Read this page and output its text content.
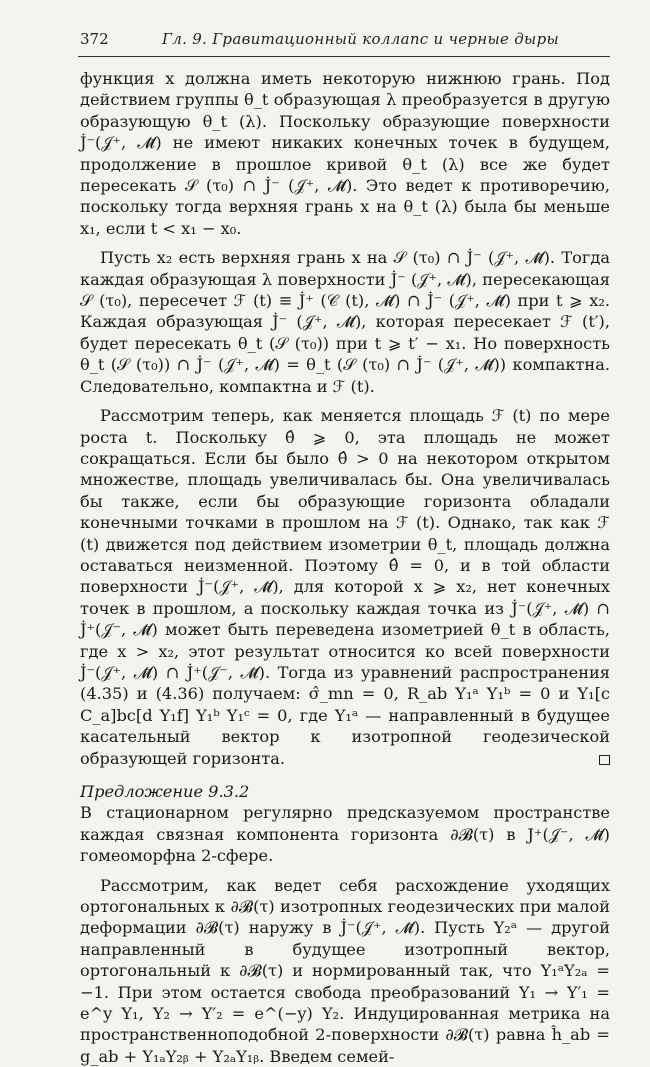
372	Гл. 9. Гравитационный коллапс и черные дыры

функция x должна иметь некоторую нижнюю грань. Под действием группы θ_t образующая λ преобразуется в другую образующую θ_t (λ). Поскольку образующие поверхности J̇⁻(𝒥⁺, 𝓜̄) не имеют никаких конечных точек в будущем, продолжение в прошлое кривой θ_t (λ) все же будет пересекать 𝒮 (τ₀) ∩ J̇⁻ (𝒥⁺, 𝓜̄). Это ведет к противоречию, поскольку тогда верхняя грань x на θ_t (λ) была бы меньше x₁, если t < x₁ − x₀.

Пусть x₂ есть верхняя грань x на 𝒮 (τ₀) ∩ J̇⁻ (𝒥⁺, 𝓜̄). Тогда каждая образующая λ поверхности J̇⁻ (𝒥⁺, 𝓜̄), пересекающая 𝒮 (τ₀), пересечет ℱ (t) ≡ J̇⁺ (𝒞 (t), 𝓜̄) ∩ J̇⁻ (𝒥⁺, 𝓜̄) при t ⩾ x₂. Каждая образующая J̇⁻ (𝒥⁺, 𝓜̄), которая пересекает ℱ (t′), будет пересекать θ_t (𝒮 (τ₀)) при t ⩾ t′ − x₁. Но поверхность θ_t (𝒮 (τ₀)) ∩ J̇⁻ (𝒥⁺, 𝓜̄) = θ_t (𝒮 (τ₀) ∩ J̇⁻ (𝒥⁺, 𝓜̄)) компактна. Следовательно, компактна и ℱ (t).

Рассмотрим теперь, как меняется площадь ℱ (t) по мере роста t. Поскольку θ̂ ⩾ 0, эта площадь не может сокращаться. Если бы было θ̂ > 0 на некотором открытом множестве, площадь увеличивалась бы. Она увеличивалась бы также, если бы образующие горизонта обладали конечными точками в прошлом на ℱ (t). Однако, так как ℱ (t) движется под действием изометрии θ_t, площадь должна оставаться неизменной. Поэтому θ̂ = 0, и в той области поверхности J̇⁻(𝒥⁺, 𝓜̄), для которой x ⩾ x₂, нет конечных точек в прошлом, а поскольку каждая точка из J̇⁻(𝒥⁺, 𝓜̄) ∩ J̇⁺(𝒥⁻, 𝓜̄) может быть переведена изометрией θ_t в область, где x > x₂, этот результат относится ко всей поверхности J̇⁻(𝒥⁺, 𝓜̄) ∩ J̇⁺(𝒥⁻, 𝓜̄). Тогда из уравнений распространения (4.35) и (4.36) получаем: σ̂_mn = 0, R_ab Y₁ᵃ Y₁ᵇ = 0 и Y₁[c C_a]bc[d Y₁f] Y₁ᵇ Y₁ᶜ = 0, где Y₁ᵃ — направленный в будущее касательный вектор к изотропной геодезической образующей горизонта.

Предложение 9.3.2

В стационарном регулярно предсказуемом пространстве каждая связная компонента горизонта ∂𝓑(τ) в J⁺(𝒥⁻, 𝓜̄) гомеоморфна 2-сфере.

Рассмотрим, как ведет себя расхождение уходящих ортогональных к ∂𝓑(τ) изотропных геодезических при малой деформации ∂𝓑(τ) наружу в J̇⁻(𝒥⁺, 𝓜̄). Пусть Y₂ᵃ — другой направленный в будущее изотропный вектор, ортогональный к ∂𝓑(τ) и нормированный так, что Y₁ᵃY₂ₐ = −1. При этом остается свобода преобразований Y₁ → Y′₁ = e^y Y₁, Y₂ → Y′₂ = e^(−y) Y₂. Индуцированная метрика на пространственноподобной 2-поверхности ∂𝓑(τ) равна ĥ_ab = g_ab + Y₁ₐY₂ᵦ + Y₂ₐY₁ᵦ. Введем семей-
